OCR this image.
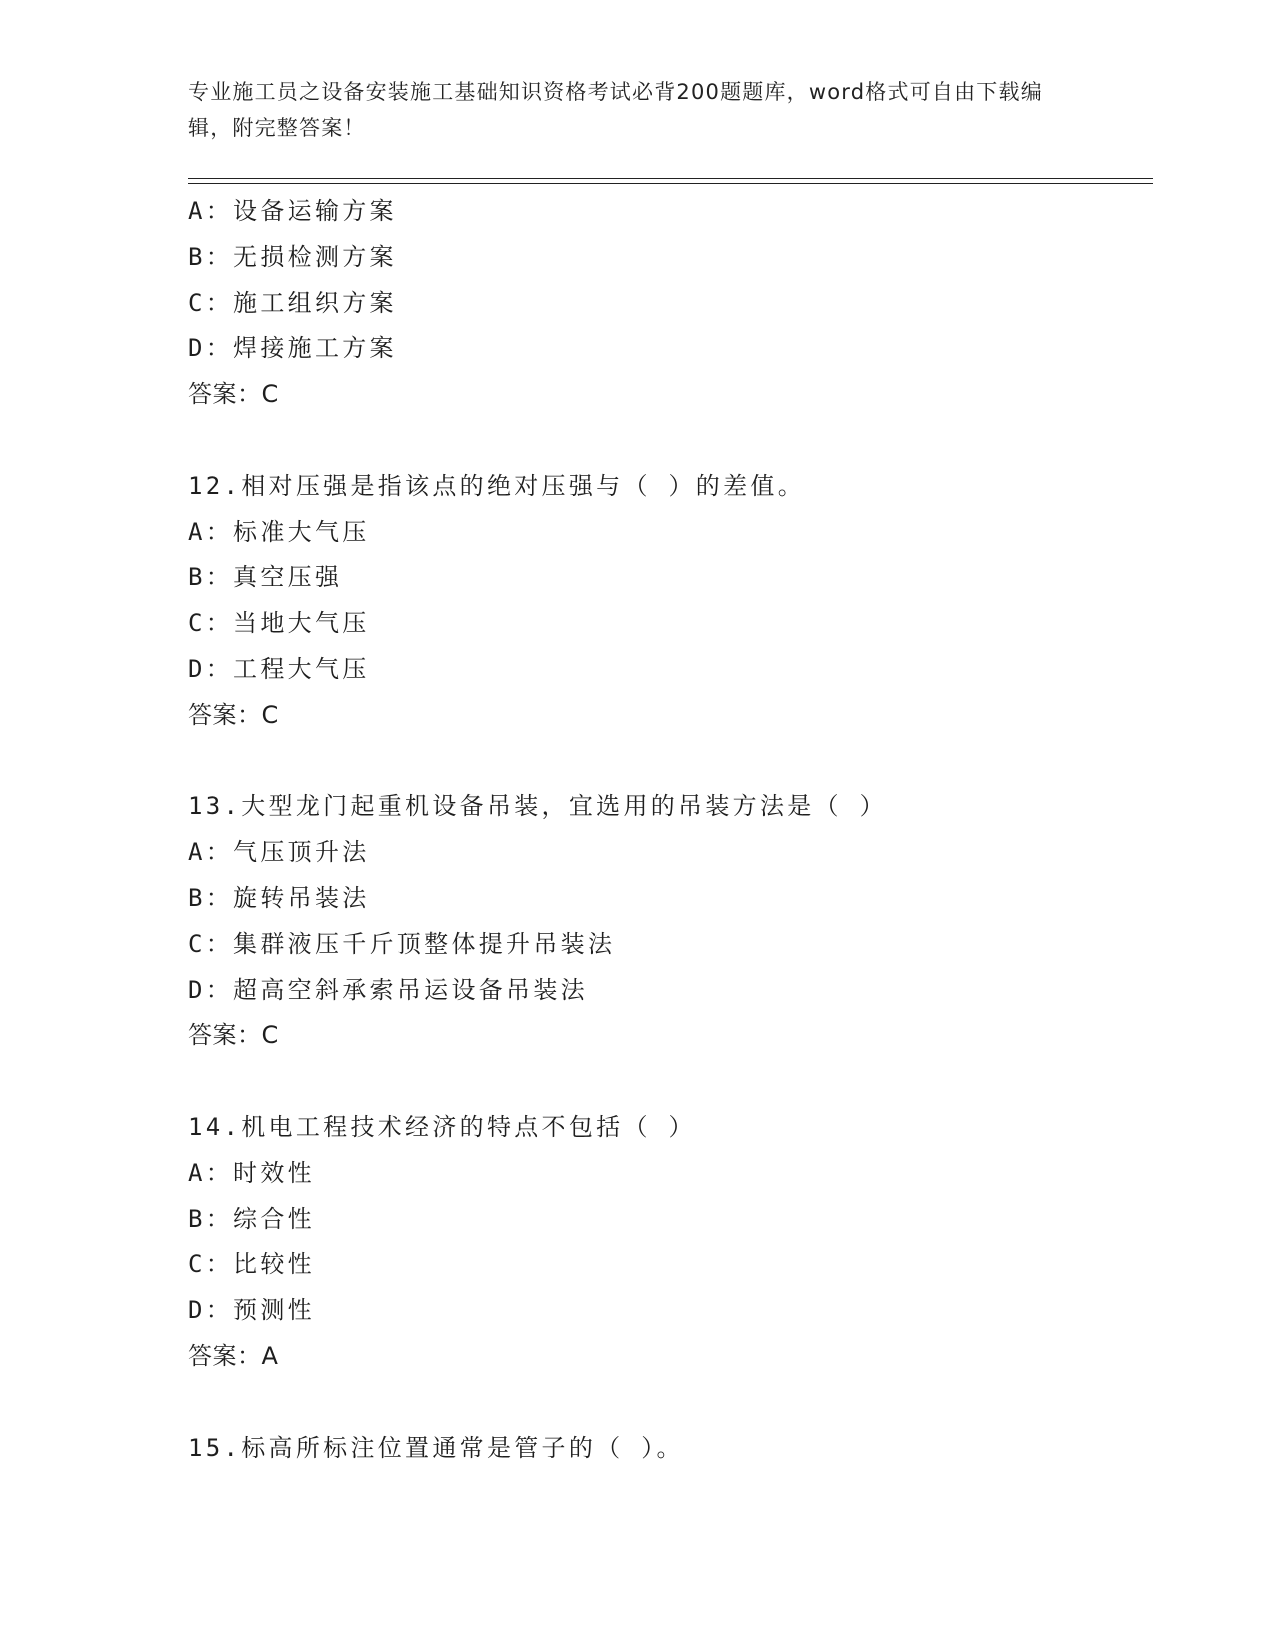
专业施工员之设备安装施工基础知识资格考试必背200题题库，word格式可自由下载编辑，附完整答案！
A：设备运输方案
B：无损检测方案
C：施工组织方案
D：焊接施工方案
答案：C
12.相对压强是指该点的绝对压强与（ ）的差值。
A：标准大气压
B：真空压强
C：当地大气压
D：工程大气压
答案：C
13.大型龙门起重机设备吊装，宜选用的吊装方法是（ ）
A：气压顶升法
B：旋转吊装法
C：集群液压千斤顶整体提升吊装法
D：超高空斜承索吊运设备吊装法
答案：C
14.机电工程技术经济的特点不包括（ ）
A：时效性
B：综合性
C：比较性
D：预测性
答案：A
15.标高所标注位置通常是管子的（ ）。
